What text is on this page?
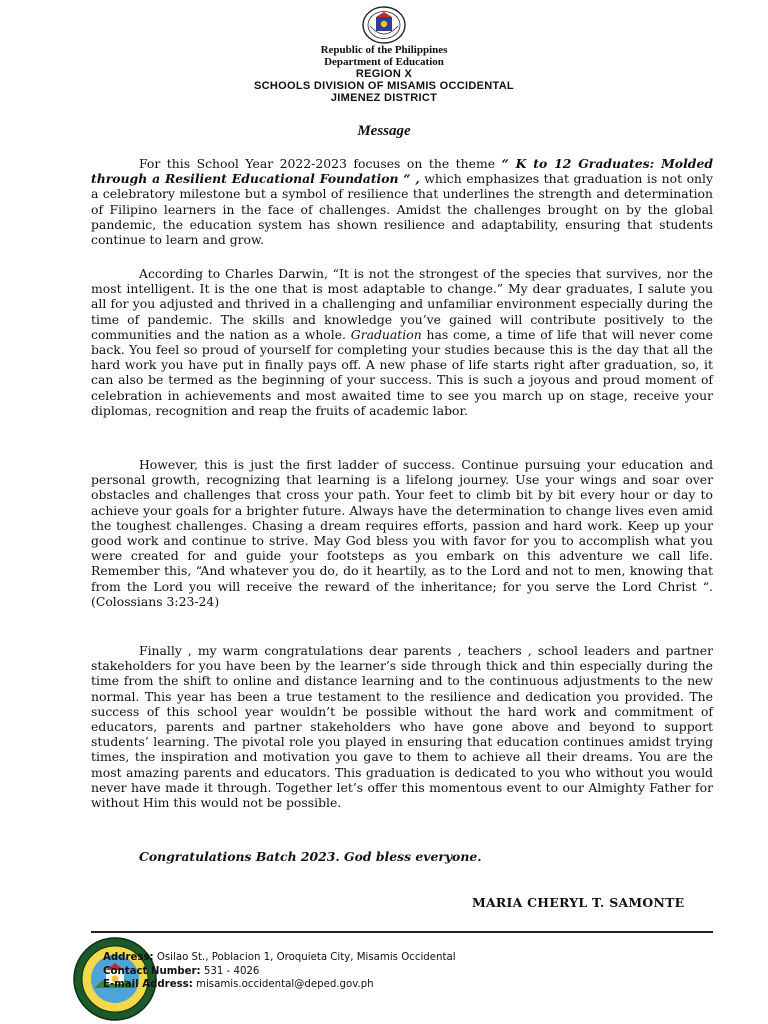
Republic of the Philippines
Department of Education
REGION X
SCHOOLS DIVISION OF MISAMIS OCCIDENTAL
JIMENEZ DISTRICT
Message

For this School Year 2022-2023 focuses on the theme “ K to 12 Graduates: Molded through a Resilient Educational Foundation “ , which emphasizes that graduation is not only a celebratory milestone but a symbol of resilience that underlines the strength and determination of Filipino learners in the face of challenges. Amidst the challenges brought on by the global pandemic, the education system has shown resilience and adaptability, ensuring that students continue to learn and grow.

According to Charles Darwin, “It is not the strongest of the species that survives, nor the most intelligent. It is the one that is most adaptable to change.” My dear graduates, I salute you all for you adjusted and thrived in a challenging and unfamiliar environment especially during the time of pandemic. The skills and knowledge you’ve gained will contribute positively to the communities and the nation as a whole. Graduation has come, a time of life that will never come back. You feel so proud of yourself for completing your studies because this is the day that all the hard work you have put in finally pays off. A new phase of life starts right after graduation, so, it can also be termed as the beginning of your success. This is such a joyous and proud moment of celebration in achievements and most awaited time to see you march up on stage, receive your diplomas, recognition and reap the fruits of academic labor.

However, this is just the first ladder of success. Continue pursuing your education and personal growth, recognizing that learning is a lifelong journey. Use your wings and soar over obstacles and challenges that cross your path. Your feet to climb bit by bit every hour or day to achieve your goals for a brighter future. Always have the determination to change lives even amid the toughest challenges. Chasing a dream requires efforts, passion and hard work. Keep up your good work and continue to strive. May God bless you with favor for you to accomplish what you were created for and guide your footsteps as you embark on this adventure we call life. Remember this, “And whatever you do, do it heartily, as to the Lord and not to men, knowing that from the Lord you will receive the reward of the inheritance; for you serve the Lord Christ “. (Colossians 3:23-24)

Finally , my warm congratulations dear parents , teachers , school leaders and partner stakeholders for you have been by the learner’s side through thick and thin especially during the time from the shift to online and distance learning and to the continuous adjustments to the new normal. This year has been a true testament to the resilience and dedication you provided. The success of this school year wouldn’t be possible without the hard work and commitment of educators, parents and partner stakeholders who have gone above and beyond to support students’ learning. The pivotal role you played in ensuring that education continues amidst trying times, the inspiration and motivation you gave to them to achieve all their dreams. You are the most amazing parents and educators. This graduation is dedicated to you who without you would never have made it through. Together let’s offer this momentous event to our Almighty Father for without Him this would not be possible.

Congratulations Batch 2023. God bless everyone.
MARIA CHERYL T. SAMONTE
Address: Osilao St., Poblacion 1, Oroquieta City, Misamis Occidental
Contact Number: 531 - 4026
E-mail Address: misamis.occidental@deped.gov.ph
